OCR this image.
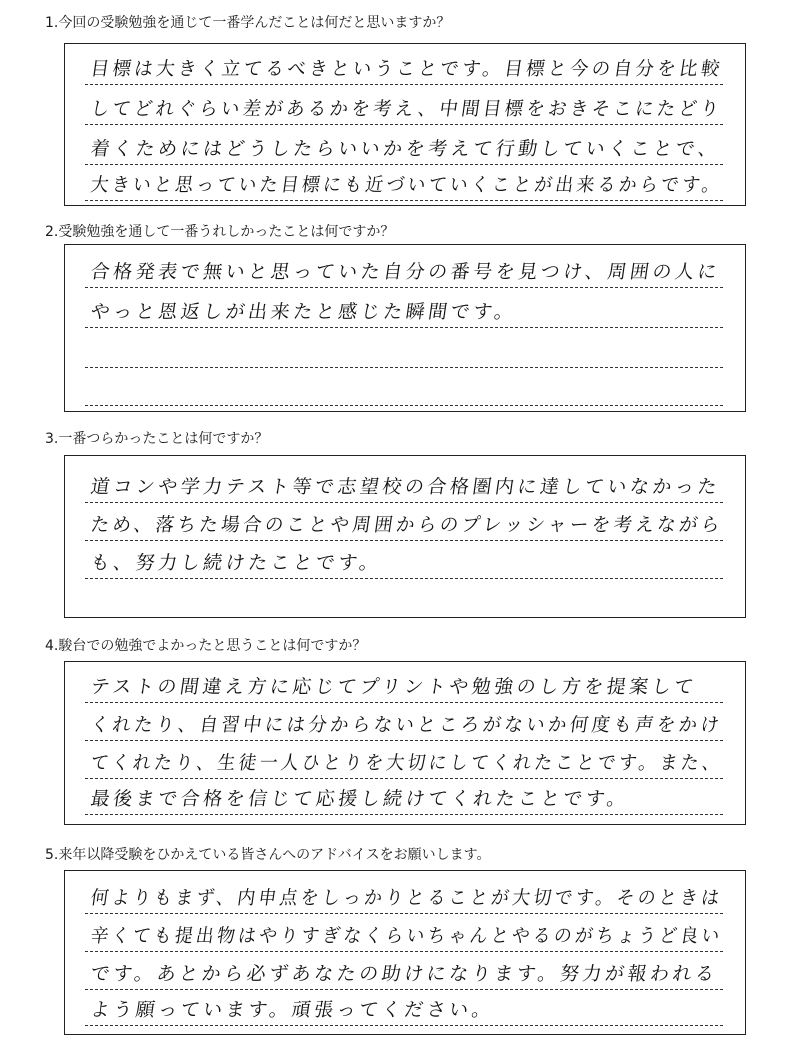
1.今回の受験勉強を通じて一番学んだことは何だと思いますか？
目標は大きく立てるべきということです。目標と今の自分を比較
してどれぐらい差があるかを考え、中間目標をおきそこにたどり
着くためにはどうしたらいいかを考えて行動していくことで、
大きいと思っていた目標にも近づいていくことが出来るからです。
2.受験勉強を通して一番うれしかったことは何ですか？
合格発表で無いと思っていた自分の番号を見つけ、周囲の人に
やっと恩返しが出来たと感じた瞬間です。
3.一番つらかったことは何ですか？
道コンや学力テスト等で志望校の合格圏内に達していなかった
ため、落ちた場合のことや周囲からのプレッシャーを考えながら
も、努力し続けたことです。
4.駿台での勉強でよかったと思うことは何ですか？
テストの間違え方に応じてプリントや勉強のし方を提案して
くれたり、自習中には分からないところがないか何度も声をかけ
てくれたり、生徒一人ひとりを大切にしてくれたことです。また、
最後まで合格を信じて応援し続けてくれたことです。
5.来年以降受験をひかえている皆さんへのアドバイスをお願いします。
何よりもまず、内申点をしっかりとることが大切です。そのときは
辛くても提出物はやりすぎなくらいちゃんとやるのがちょうど良い
です。あとから必ずあなたの助けになります。努力が報われる
よう願っています。頑張ってください。
